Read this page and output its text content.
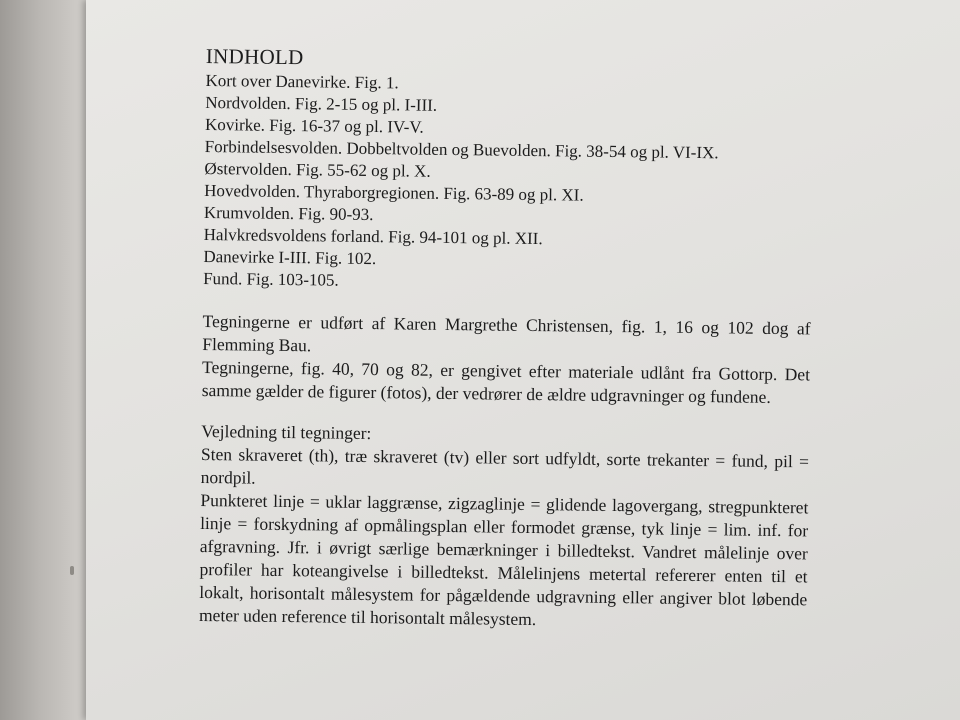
INDHOLD
Kort over Danevirke. Fig. 1.
Nordvolden. Fig. 2-15 og pl. I-III.
Kovirke. Fig. 16-37 og pl. IV-V.
Forbindelsesvolden. Dobbeltvolden og Buevolden. Fig. 38-54 og pl. VI-IX.
Østervolden. Fig. 55-62 og pl. X.
Hovedvolden. Thyraborgregionen. Fig. 63-89 og pl. XI.
Krumvolden. Fig. 90-93.
Halvkredsvoldens forland. Fig. 94-101 og pl. XII.
Danevirke I-III. Fig. 102.
Fund. Fig. 103-105.
Tegningerne er udført af Karen Margrethe Christensen, fig. 1, 16 og 102 dog af Flemming Bau.
Tegningerne, fig. 40, 70 og 82, er gengivet efter materiale udlånt fra Gottorp. Det samme gælder de figurer (fotos), der vedrører de ældre udgravninger og fundene.
Vejledning til tegninger:
Sten skraveret (th), træ skraveret (tv) eller sort udfyldt, sorte trekanter = fund, pil = nordpil.
Punkteret linje = uklar laggrænse, zigzaglinje = glidende lagovergang, stregpunkteret linje = forskydning af opmålingsplan eller formodet grænse, tyk linje = lim. inf. for afgravning. Jfr. i øvrigt særlige bemærkninger i billedtekst. Vandret målelinje over profiler har koteangivelse i billedtekst. Målelinjens metertal refererer enten til et lokalt, horisontalt målesystem for pågældende udgravning eller angiver blot løbende meter uden reference til horisontalt målesystem.
